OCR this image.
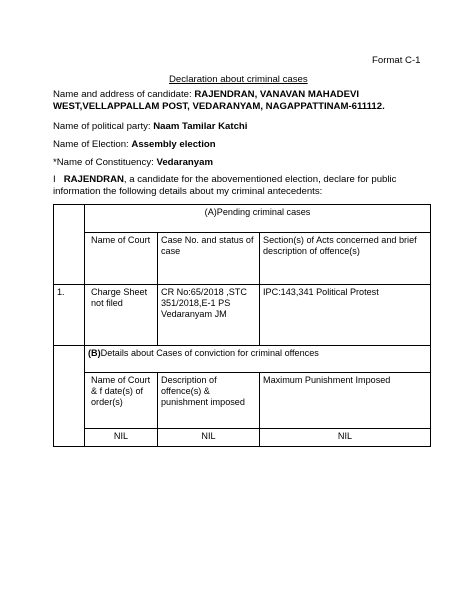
Format C-1
Declaration about criminal cases
Name and address of candidate: RAJENDRAN, VANAVAN MAHADEVI
WEST,VELLAPPALLAM POST, VEDARANYAM, NAGAPPATTINAM-611112.
Name of political party: Naam Tamilar Katchi
Name of Election: Assembly election
*Name of Constituency: Vedaranyam
I   RAJENDRAN, a candidate for the abovementioned election, declare for public
information the following details about my criminal antecedents:
	(A)Pending criminal cases		
	Name of Court	Case No. and status of case	Section(s) of Acts concerned and brief description of offence(s)
1.	Charge Sheet not filed	CR No:65/2018 ,STC 351/2018,E-1 PS Vedaranyam JM	IPC:143,341 Political Protest
	(B)Details about Cases of conviction for criminal offences		
	Name of Court & f date(s) of order(s)	Description of offence(s) & punishment imposed	Maximum Punishment Imposed
	NIL	NIL	NIL
